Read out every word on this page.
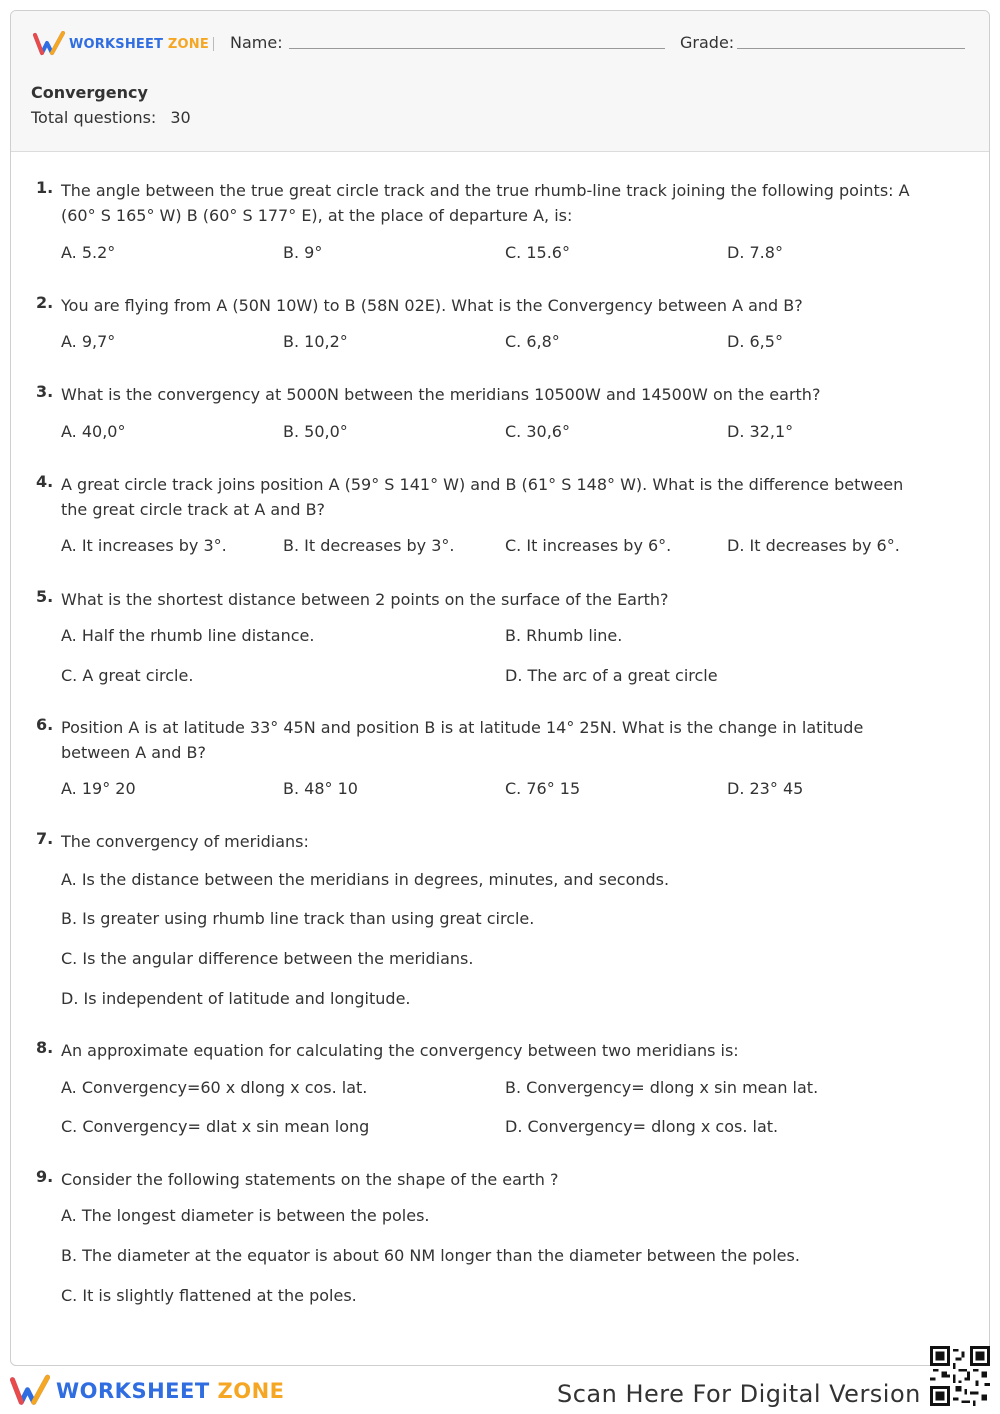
WORKSHEET ZONE Name:	Grade:
Convergency
Total questions: 30
1. The angle between the true great circle track and the true rhumb-line track joining the following points: A (60° S 165° W) B (60° S 177° E), at the place of departure A, is:
A. 5.2°	B. 9°	C. 15.6°	D. 7.8°
2. You are flying from A (50N 10W) to B (58N 02E). What is the Convergency between A and B?
A. 9,7°	B. 10,2°	C. 6,8°	D. 6,5°
3. What is the convergency at 5000N between the meridians 10500W and 14500W on the earth?
A. 40,0°	B. 50,0°	C. 30,6°	D. 32,1°
4. A great circle track joins position A (59° S 141° W) and B (61° S 148° W). What is the difference between the great circle track at A and B?
A. It increases by 3°.	B. It decreases by 3°.	C. It increases by 6°.	D. It decreases by 6°.
5. What is the shortest distance between 2 points on the surface of the Earth?
A. Half the rhumb line distance.	B. Rhumb line.
C. A great circle.	D. The arc of a great circle
6. Position A is at latitude 33° 45N and position B is at latitude 14° 25N. What is the change in latitude between A and B?
A. 19° 20	B. 48° 10	C. 76° 15	D. 23° 45
7. The convergency of meridians:
A. Is the distance between the meridians in degrees, minutes, and seconds.
B. Is greater using rhumb line track than using great circle.
C. Is the angular difference between the meridians.
D. Is independent of latitude and longitude.
8. An approximate equation for calculating the convergency between two meridians is:
A. Convergency=60 x dlong x cos. lat.	B. Convergency= dlong x sin mean lat.
C. Convergency= dlat x sin mean long	D. Convergency= dlong x cos. lat.
9. Consider the following statements on the shape of the earth ?
A. The longest diameter is between the poles.
B. The diameter at the equator is about 60 NM longer than the diameter between the poles.
C. It is slightly flattened at the poles.
WORKSHEET ZONE	Scan Here For Digital Version
